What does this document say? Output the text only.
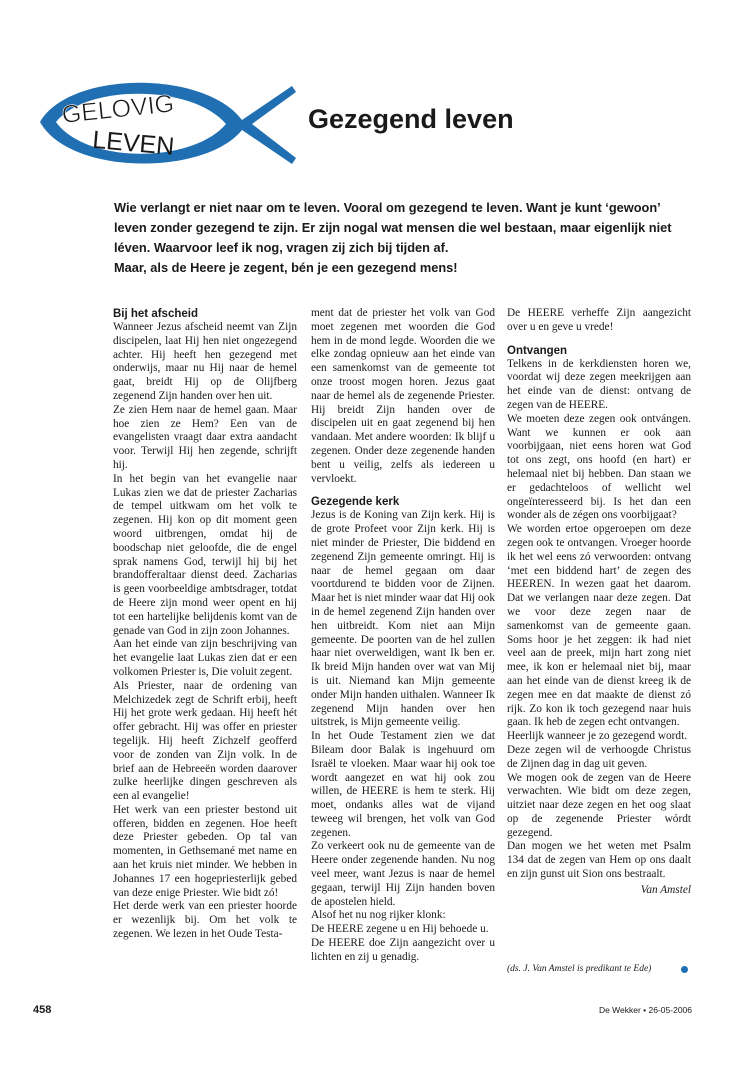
GELOVIG
LEVEN
Gezegend leven

Wie verlangt er niet naar om te leven. Vooral om gezegend te leven. Want je kunt ‘gewoon’ leven zonder gezegend te zijn. Er zijn nogal wat mensen die wel bestaan, maar eigenlijk niet léven. Waarvoor leef ik nog, vragen zij zich bij tijden af.

Maar, als de Heere je zegent, bén je een gezegend mens!

Bij het afscheid

Wanneer Jezus afscheid neemt van Zijn discipelen, laat Hij hen niet ongezegend achter. Hij heeft hen gezegend met onderwijs, maar nu Hij naar de hemel gaat, breidt Hij op de Olijfberg zegenend Zijn handen over hen uit.

Ze zien Hem naar de hemel gaan. Maar hoe zien ze Hem? Een van de evangelisten vraagt daar extra aandacht voor. Terwijl Hij hen zegende, schrijft hij.

In het begin van het evangelie naar Lukas zien we dat de priester Zacharias de tempel uitkwam om het volk te zegenen. Hij kon op dit moment geen woord uitbrengen, omdat hij de boodschap niet geloofde, die de engel sprak namens God, terwijl hij bij het brandofferaltaar dienst deed. Zacharias is geen voorbeeldige ambtsdrager, totdat de Heere zijn mond weer opent en hij tot een hartelijke belijdenis komt van de genade van God in zijn zoon Johannes.

Aan het einde van zijn beschrijving van het evangelie laat Lukas zien dat er een volkomen Priester is, Die voluit zegent.

Als Priester, naar de ordening van Melchizedek zegt de Schrift erbij, heeft Hij het grote werk gedaan. Hij heeft hét offer gebracht. Hij was offer en priester tegelijk. Hij heeft Zichzelf geofferd voor de zonden van Zijn volk. In de brief aan de Hebreeën worden daarover zulke heerlijke dingen geschreven als een al evangelie!

Het werk van een priester bestond uit offeren, bidden en zegenen. Hoe heeft deze Priester gebeden. Op tal van momenten, in Gethsemané met name en aan het kruis niet minder. We hebben in Johannes 17 een hogepriesterlijk gebed van deze enige Priester. Wie bidt zó!

Het derde werk van een priester hoorde er wezenlijk bij. Om het volk te zegenen. We lezen in het Oude Testa-

ment dat de priester het volk van God moet zegenen met woorden die God hem in de mond legde. Woorden die we elke zondag opnieuw aan het einde van een samenkomst van de gemeente tot onze troost mogen horen. Jezus gaat naar de hemel als de zegenende Priester. Hij breidt Zijn handen over de discipelen uit en gaat zegenend bij hen vandaan. Met andere woorden: Ik blijf u zegenen. Onder deze zegenende handen bent u veilig, zelfs als iedereen u vervloekt.

Gezegende kerk

Jezus is de Koning van Zijn kerk. Hij is de grote Profeet voor Zijn kerk. Hij is niet minder de Priester, Die biddend en zegenend Zijn gemeente omringt. Hij is naar de hemel gegaan om daar voortdurend te bidden voor de Zijnen. Maar het is niet minder waar dat Hij ook in de hemel zegenend Zijn handen over hen uitbreidt. Kom niet aan Mijn gemeente. De poorten van de hel zullen haar niet overweldigen, want Ik ben er. Ik breid Mijn handen over wat van Mij is uit. Niemand kan Mijn gemeente onder Mijn handen uithalen. Wanneer Ik zegenend Mijn handen over hen uitstrek, is Mijn gemeente veilig.

In het Oude Testament zien we dat Bileam door Balak is ingehuurd om Israël te vloeken. Maar waar hij ook toe wordt aangezet en wat hij ook zou willen, de HEERE is hem te sterk. Hij moet, ondanks alles wat de vijand teweeg wil brengen, het volk van God zegenen.

Zo verkeert ook nu de gemeente van de Heere onder zegenende handen. Nu nog veel meer, want Jezus is naar de hemel gegaan, terwijl Hij Zijn handen boven de apostelen hield.

Alsof het nu nog rijker klonk:

De HEERE zegene u en Hij behoede u.

De HEERE doe Zijn aangezicht over u lichten en zij u genadig.

De HEERE verheffe Zijn aangezicht over u en geve u vrede!

Ontvangen

Telkens in de kerkdiensten horen we, voordat wij deze zegen meekrijgen aan het einde van de dienst: ontvang de zegen van de HEERE.

We moeten deze zegen ook ontvángen. Want we kunnen er ook aan voorbijgaan, niet eens horen wat God tot ons zegt, ons hoofd (en hart) er helemaal niet bij hebben. Dan staan we er gedachteloos of wellicht wel ongeïnteresseerd bij. Is het dan een wonder als de zégen ons voorbijgaat?

We worden ertoe opgeroepen om deze zegen ook te ontvangen. Vroeger hoorde ik het wel eens zó verwoorden: ontvang ‘met een biddend hart’ de zegen des HEEREN. In wezen gaat het daarom. Dat we verlangen naar deze zegen. Dat we voor deze zegen naar de samenkomst van de gemeente gaan. Soms hoor je het zeggen: ik had niet veel aan de preek, mijn hart zong niet mee, ik kon er helemaal niet bij, maar aan het einde van de dienst kreeg ik de zegen mee en dat maakte de dienst zó rijk. Zo kon ik toch gezegend naar huis gaan. Ik heb de zegen echt ontvangen.

Heerlijk wanneer je zo gezegend wordt.

Deze zegen wil de verhoogde Christus de Zijnen dag in dag uit geven.

We mogen ook de zegen van de Heere verwachten. Wie bidt om deze zegen, uitziet naar deze zegen en het oog slaat op de zegenende Priester wórdt gezegend.

Dan mogen we het weten met Psalm 134 dat de zegen van Hem op ons daalt en zijn gunst uit Sion ons bestraalt.

Van Amstel

(ds. J. Van Amstel is predikant te Ede)
458	De Wekker • 26-05-2006
